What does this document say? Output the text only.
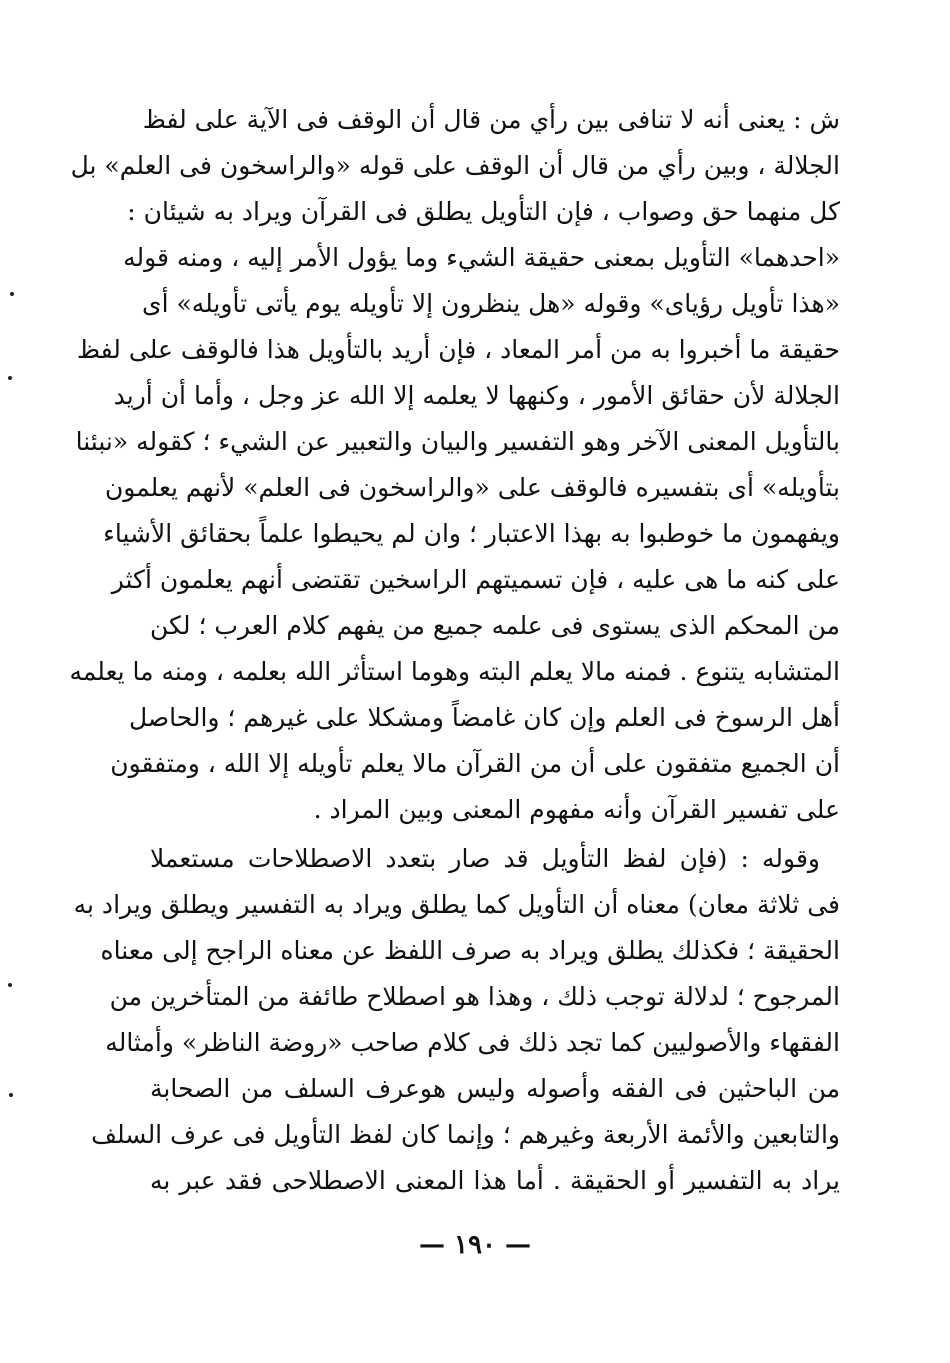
ش : يعنى أنه لا تنافى بين رأي من قال أن الوقف فى الآية على لفظ
الجلالة ، وبين رأي من قال أن الوقف على قوله «والراسخون فى العلم» بل
كل منهما حق وصواب ، فإن التأويل يطلق فى القرآن ويراد به شيئان :
«احدهما» التأويل بمعنى حقيقة الشيء وما يؤول الأمر إليه ، ومنه قوله
«هذا تأويل رؤياى» وقوله «هل ينظرون إلا تأويله يوم يأتى تأويله» أى
حقيقة ما أخبروا به من أمر المعاد ، فإن أريد بالتأويل هذا فالوقف على لفظ
الجلالة لأن حقائق الأمور ، وكنهها لا يعلمه إلا الله عز وجل ، وأما أن أريد
بالتأويل المعنى الآخر وهو التفسير والبيان والتعبير عن الشيء ؛ كقوله «نبئنا
بتأويله» أى بتفسيره فالوقف على «والراسخون فى العلم» لأنهم يعلمون
ويفهمون ما خوطبوا به بهذا الاعتبار ؛ وان لم يحيطوا علماً بحقائق الأشياء
على كنه ما هى عليه ، فإن تسميتهم الراسخين تقتضى أنهم يعلمون أكثر
من المحكم الذى يستوى فى علمه جميع من يفهم كلام العرب ؛ لكن
المتشابه يتنوع . فمنه مالا يعلم البته وهوما استأثر الله بعلمه ، ومنه ما يعلمه
أهل الرسوخ فى العلم وإن كان غامضاً ومشكلا على غيرهم ؛ والحاصل
أن الجميع متفقون على أن من القرآن مالا يعلم تأويله إلا الله ، ومتفقون
على تفسير القرآن وأنه مفهوم المعنى وبين المراد .
وقوله : (فإن لفظ التأويل قد صار بتعدد الاصطلاحات مستعملا
فى ثلاثة معان) معناه أن التأويل كما يطلق ويراد به التفسير ويطلق ويراد به
الحقيقة ؛ فكذلك يطلق ويراد به صرف اللفظ عن معناه الراجح إلى معناه
المرجوح ؛ لدلالة توجب ذلك ، وهذا هو اصطلاح طائفة من المتأخرين من
الفقهاء والأصوليين كما تجد ذلك فى كلام صاحب «روضة الناظر» وأمثاله
من الباحثين فى الفقه وأصوله وليس هوعرف السلف من الصحابة
والتابعين والأئمة الأربعة وغيرهم ؛ وإنما كان لفظ التأويل فى عرف السلف
يراد به التفسير أو الحقيقة . أما هذا المعنى الاصطلاحى فقد عبر به
— ١٩٠ —
